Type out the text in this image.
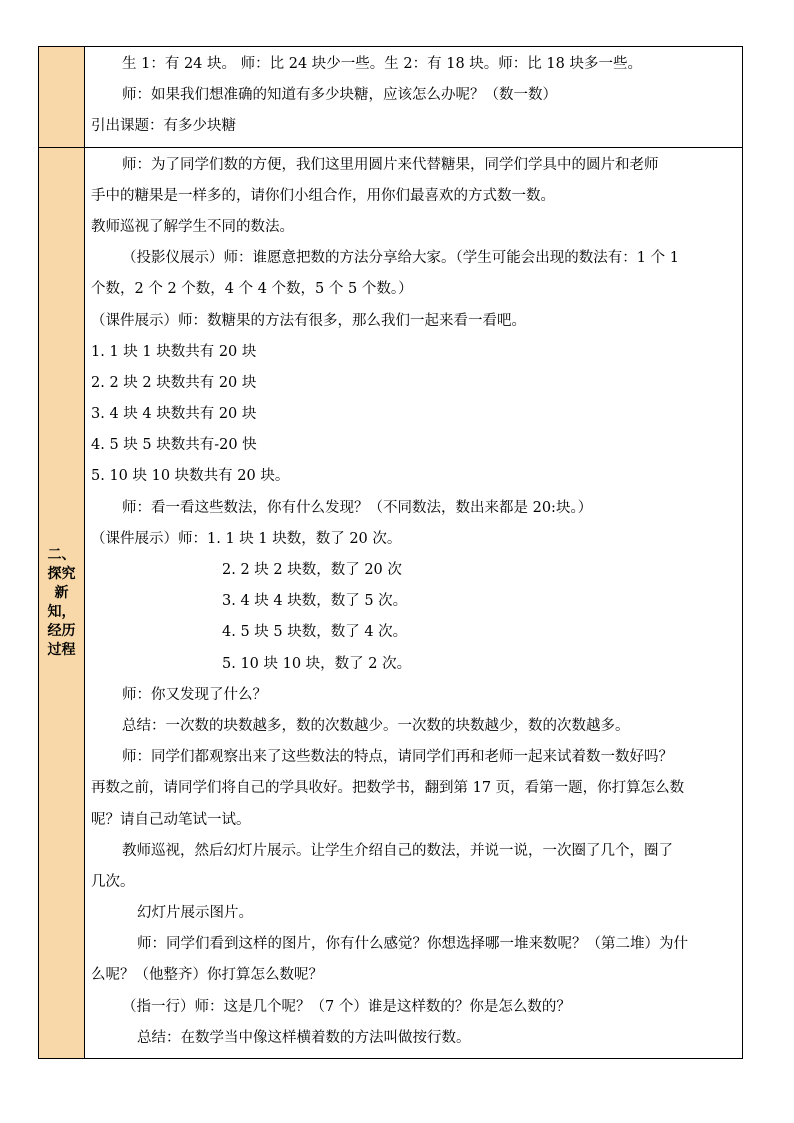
生 1：有 24 块。 师：比 24 块少一些。生 2：有 18 块。师：比 18 块多一些。
师：如果我们想准确的知道有多少块糖，应该怎么办呢？（数一数）
引出课题：有多少块糖
二、探究新知，经历过程
师：为了同学们数的方便，我们这里用圆片来代替糖果，同学们学具中的圆片和老师
手中的糖果是一样多的，请你们小组合作，用你们最喜欢的方式数一数。
教师巡视了解学生不同的数法。
（投影仪展示）师：谁愿意把数的方法分享给大家。（学生可能会出现的数法有：1 个 1
个数，2 个 2 个数，4 个 4 个数，5 个 5 个数。）
（课件展示）师：数糖果的方法有很多，那么我们一起来看一看吧。
1. 1 块 1 块数共有 20 块
2. 2 块 2 块数共有 20 块
3. 4 块 4 块数共有 20 块
4. 5 块 5 块数共有-20 快
5. 10 块 10 块数共有 20 块。
师：看一看这些数法，你有什么发现？（不同数法，数出来都是 20:块。）
（课件展示）师：1. 1 块 1 块数，数了 20 次。
2. 2 块 2 块数，数了 20 次
3. 4 块 4 块数，数了 5 次。
4. 5 块 5 块数，数了 4 次。
5. 10 块 10 块，数了 2 次。
师：你又发现了什么？
总结：一次数的块数越多，数的次数越少。一次数的块数越少，数的次数越多。
师：同学们都观察出来了这些数法的特点，请同学们再和老师一起来试着数一数好吗？
再数之前，请同学们将自己的学具收好。把数学书，翻到第 17 页，看第一题，你打算怎么数
呢？请自己动笔试一试。
教师巡视，然后幻灯片展示。让学生介绍自己的数法，并说一说，一次圈了几个，圈了
几次。
幻灯片展示图片。
师：同学们看到这样的图片，你有什么感觉？你想选择哪一堆来数呢？（第二堆）为什
么呢？（他整齐）你打算怎么数呢？
（指一行）师：这是几个呢？（7 个）谁是这样数的？你是怎么数的？
总结：在数学当中像这样横着数的方法叫做按行数。
